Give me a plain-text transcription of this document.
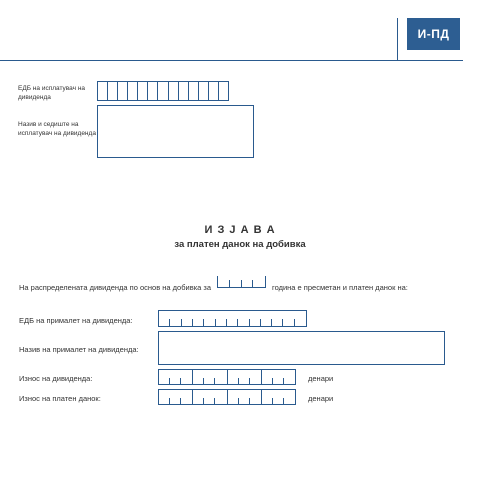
И-ПД
ЕДБ на исплатувач на дивиденда
Назив и седиштe на исплатувач на дивиденда
И З Ј А В А
за платен данок на добивка
На распределената дивиденда по основ на добивка за	година е пресметан и платен данок на:
ЕДБ на прималет на дивиденда:
Назив на прималет на дивиденда:
Износ на дивиденда:	денари
Износ на платен данок:	денари
